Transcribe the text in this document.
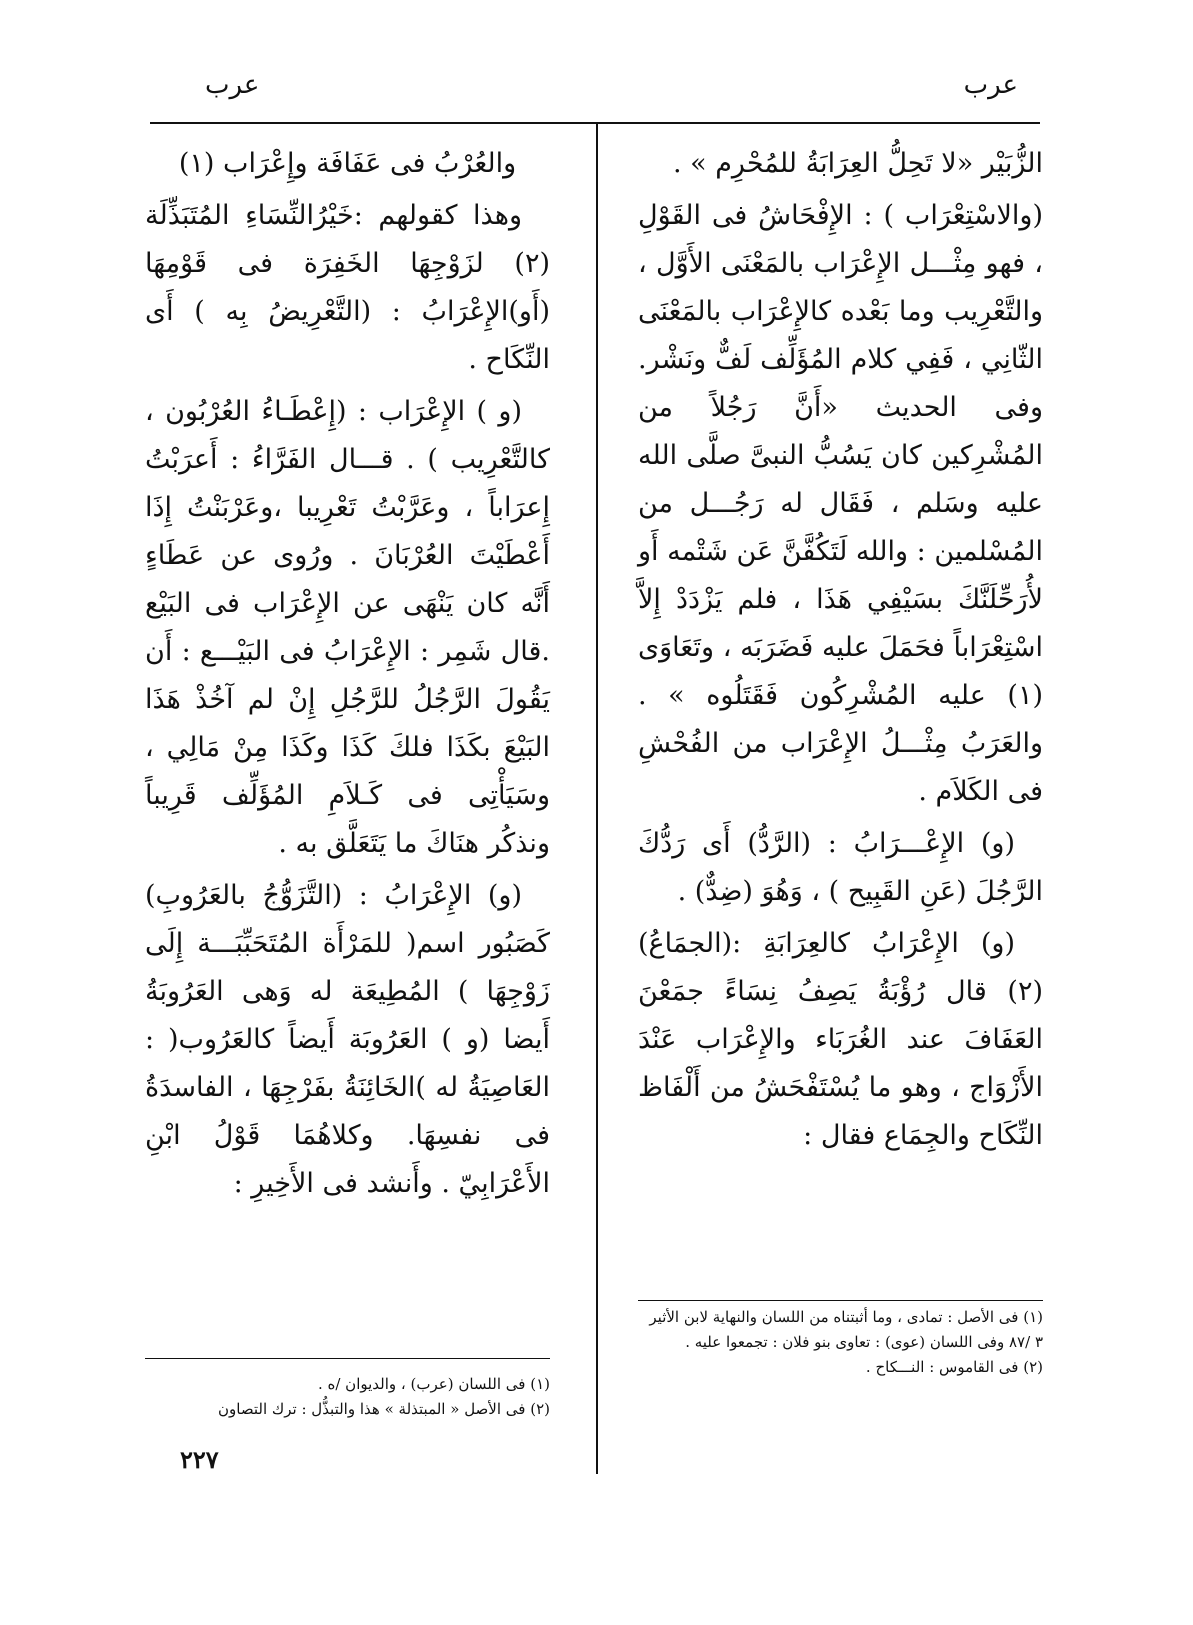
عرب
عرب

الزُّبَيْر «لا تَحِلُّ العِرَابَةُ للمُحْرِم » .

(والاسْتِعْرَاب ) : الإِفْحَاشُ فى القَوْلِ ، فهو مِثْـــل الإِعْرَاب بالمَعْنَى الأَوَّل ، والتَّعْرِيب وما بَعْده كالإِعْرَاب بالمَعْنَى الثّانِي ، فَفِي كلام المُؤَلِّف لَفٌّ ونَشْر. وفى الحديث «أَنَّ رَجُلاً من المُشْرِكين كان يَسُبُّ النبىَّ صلَّى الله عليه وسَلم ، فَقَال له رَجُـــل من المُسْلمين : والله لَتَكُفَّنَّ عَن شَتْمه أَو لأُرَحِّلَنَّكَ بسَيْفِي هَذَا ، فلم يَزْدَدْ إِلاَّ اسْتِعْرَاباً فحَمَلَ عليه فَضَرَبَه ، وتَعَاوَى (١) عليه المُشْرِكُون فَقَتَلُوه » . والعَرَبُ مِثْـــلُ الإِعْرَاب من الفُحْشِ فى الكَلاَم .

(و) الإِعْـــرَابُ : (الرَّدُّ) أَى رَدُّكَ الرَّجُلَ (عَنِ القَبِيح ) ، وَهُوَ (ضِدٌّ) .

(و) الإِعْرَابُ كالعِرَابَةِ :(الجمَاعُ) (٢) قال رُؤْبَةُ يَصِفُ نِسَاءً جمَعْنَ العَفَافَ عند الغُرَبَاء والإِعْرَاب عَنْدَ الأَزْوَاج ، وهو ما يُسْتَفْحَشُ من أَلْفَاظ النِّكَاح والجِمَاع فقال :

والعُرْبُ فى عَفَافَة وإِعْرَاب (١)

وهذا كقولهم :خَيْرُالنِّسَاءِ المُتَبَذِّلَة (٢) لزَوْجِهَا الخَفِرَة فى قَوْمِهَا (أَو)الإِعْرَابُ : (التَّعْرِيضُ بِه ) أَى النِّكَاح .

(و ) الإِعْرَاب : (إِعْطَـاءُ العُرْبُون ، كالتَّعْرِيب ) . قـــال الفَرَّاءُ : أَعرَبْتُ إِعرَاباً ، وعَرَّبْتُ تَعْرِيبا ،وعَرْبَنْتُ إِذَا أَعْطَيْتَ العُرْبَانَ . ورُوى عن عَطَاءٍ أَنَّه كان يَنْهَى عن الإِعْرَاب فى البَيْع .قال شَمِر : الإِعْرَابُ فى البَيْـــع : أَن يَقُولَ الرَّجُلُ للرَّجُلِ إِنْ لم آخُذْ هَذَا البَيْعَ بكَذَا فلكَ كَذَا وكَذَا مِنْ مَالِي ، وسَيَأْتِى فى كَـلاَمِ المُؤَلِّف قَرِيباً ونذكُر هنَاكَ ما يَتَعَلَّق به .

(و) الإِعْرَابُ : (التَّزَوُّجُ بالعَرُوبِ) كَصَبُور اسم( للمَرْأَة المُتَحَبِّبَـــة إِلَى زَوْجِهَا ) المُطِيعَة له وَهى العَرُوبَةُ أَيضا (و ) العَرُوبَة أَيضاً كالعَرُوب( : العَاصِيَةُ له )الخَائِنَةُ بفَرْجِهَا ، الفاسدَةُ فى نفسِهَا. وكلاهُمَا قَوْلُ ابْنِ الأَعْرَابِيّ . وأَنشد فى الأَخِيرِ :

(١) فى الأصل : تمادى ، وما أثبتناه من اللسان والنهاية لابن الأثير ٣ /٨٧ وفى اللسان (عوى) : تعاوى بنو فلان : تجمعوا عليه .
(٢) فى القاموس : النـــكاح .
(١) فى اللسان (عرب) ، والديوان /ه .
(٢) فى الأصل « المبتذلة » هذا والتبذُّل : ترك التصاون
٢٢٧
